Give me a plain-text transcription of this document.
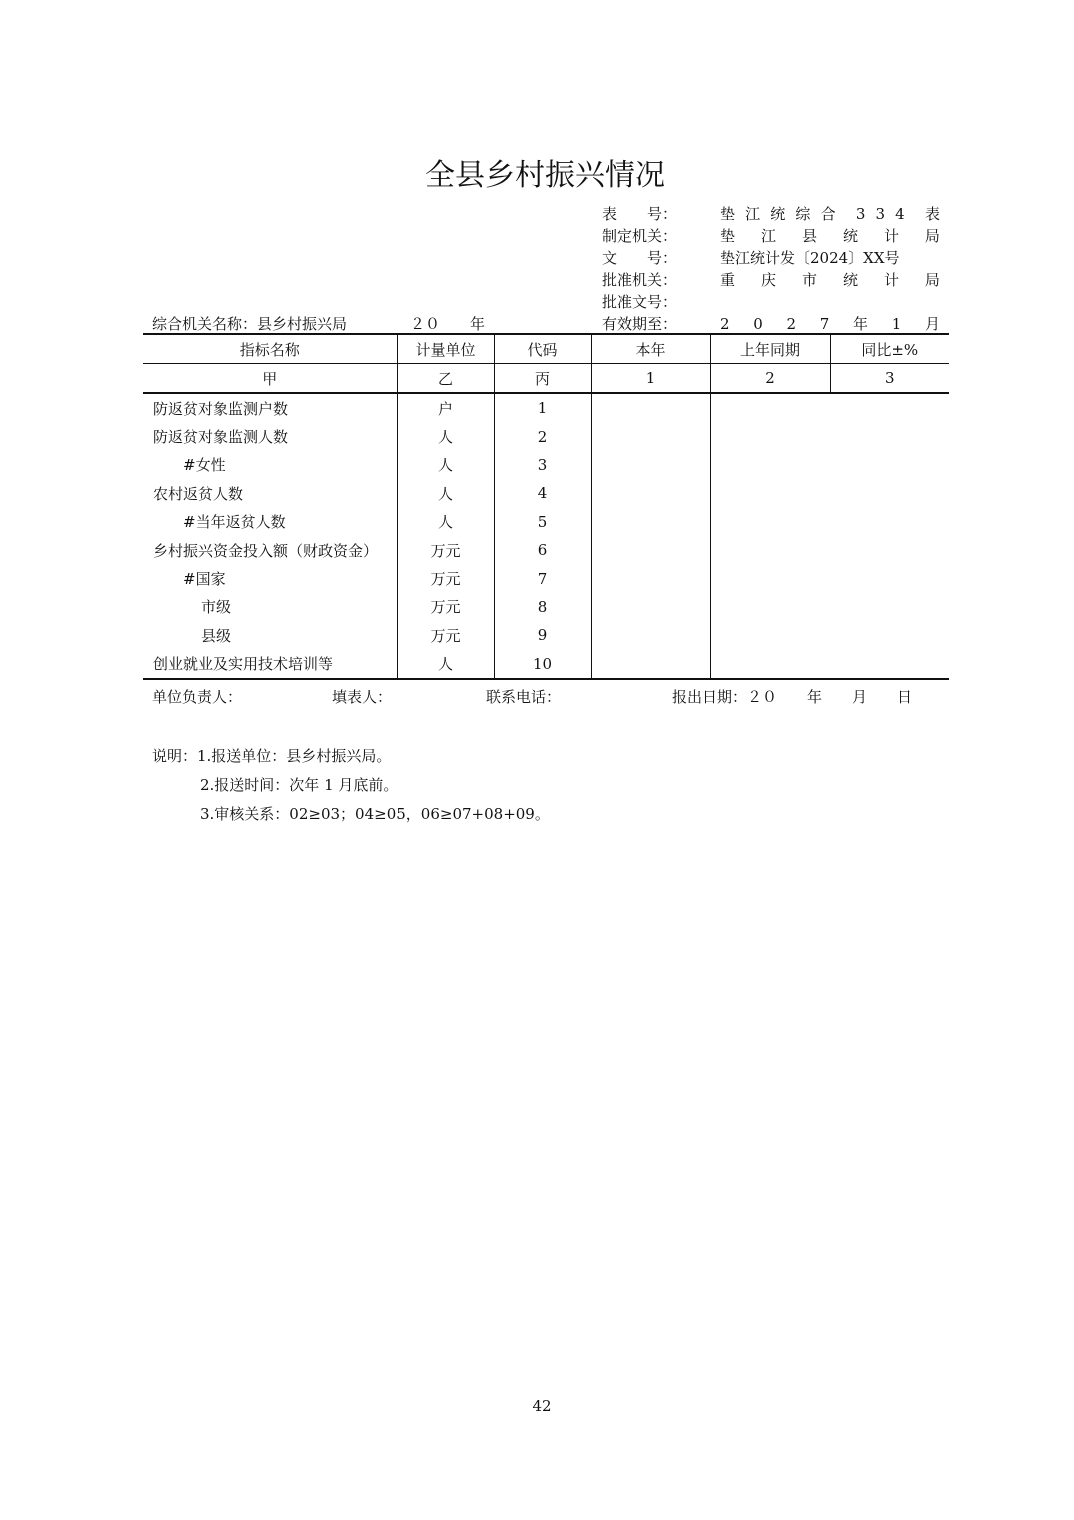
全县乡村振兴情况
表　　号：	垫 江 统 综 合 3 3 4 表
制定机关：	垫 江 县 统 计 局
文　　号：	垫江统计发〔2024〕XX号
批准机关：	重 庆 市 统 计 局
批准文号：
有效期至：	2 0 2 7 年 1 月
综合机关名称：县乡村振兴局	２０　　年
指标名称	计量单位	代码	本年	上年同期	同比±%
甲	乙	丙	1	2	3
防返贫对象监测户数	户	1			
防返贫对象监测人数	人	2			
#女性	人	3			
农村返贫人数	人	4			
#当年返贫人数	人	5			
乡村振兴资金投入额（财政资金）	万元	6			
#国家	万元	7			
市级	万元	8			
县级	万元	9			
创业就业及实用技术培训等	人	10			
单位负责人：	填表人：	联系电话：	报出日期：２０　　年　　月　　日
说明：1.报送单位：县乡村振兴局。
2.报送时间：次年 1 月底前。
3.审核关系：02≥03；04≥05，06≥07+08+09。
42
